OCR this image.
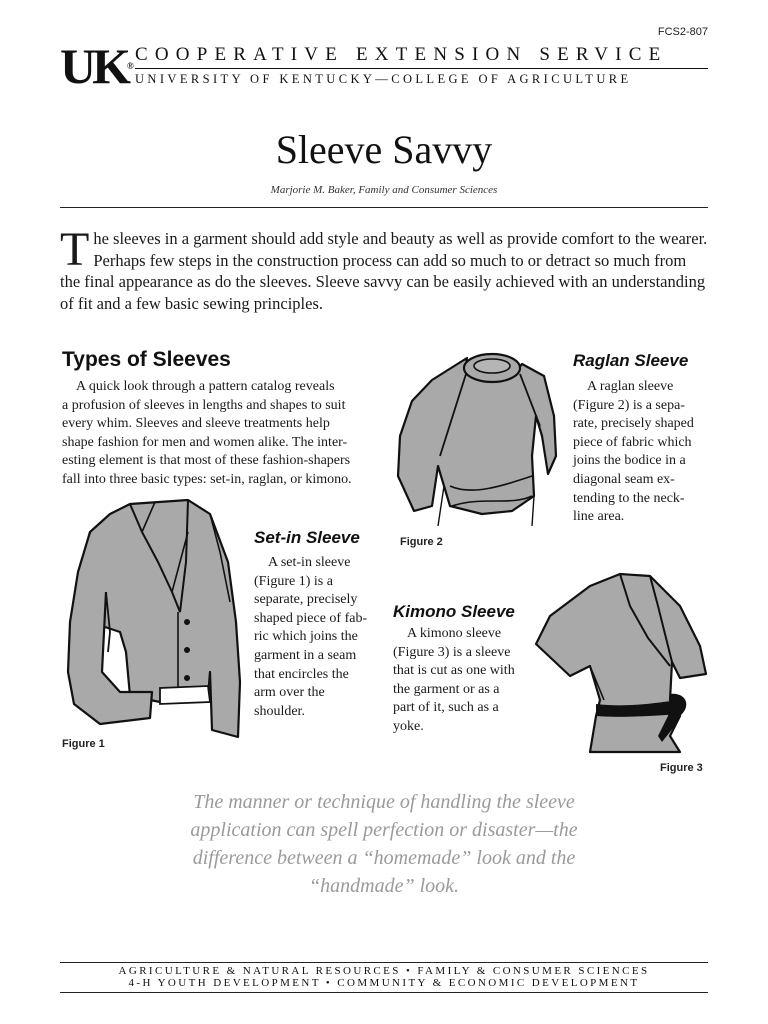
FCS2-807
UK®
COOPERATIVE EXTENSION SERVICE
UNIVERSITY OF KENTUCKY—COLLEGE OF AGRICULTURE
Sleeve Savvy
Marjorie M. Baker, Family and Consumer Sciences
The sleeves in a garment should add style and beauty as well as provide comfort to the wearer. Perhaps few steps in the construction process can add so much to or detract so much from the final appearance as do the sleeves. Sleeve savvy can be easily achieved with an understanding of fit and a few basic sewing principles.
Types of Sleeves
A quick look through a pattern catalog reveals
a profusion of sleeves in lengths and shapes to suit
every whim. Sleeves and sleeve treatments help
shape fashion for men and women alike. The inter-
esting element is that most of these fashion-shapers
fall into three basic types: set-in, raglan, or kimono.
Raglan Sleeve
A raglan sleeve
(Figure 2) is a sepa-
rate, precisely shaped
piece of fabric which
joins the bodice in a
diagonal seam ex-
tending to the neck-
line area.
Set-in Sleeve
A set-in sleeve
(Figure 1) is a
separate, precisely
shaped piece of fab-
ric which joins the
garment in a seam
that encircles the
arm over the
shoulder.
Kimono Sleeve
A kimono sleeve
(Figure 3) is a sleeve
that is cut as one with
the garment or as a
part of it, such as a
yoke.
Figure 1
Figure 2
Figure 3
The manner or technique of handling the sleeve
application can spell perfection or disaster—the
difference between a “homemade” look and the
“handmade” look.
AGRICULTURE & NATURAL RESOURCES • FAMILY & CONSUMER SCIENCES
4-H YOUTH DEVELOPMENT • COMMUNITY & ECONOMIC DEVELOPMENT
